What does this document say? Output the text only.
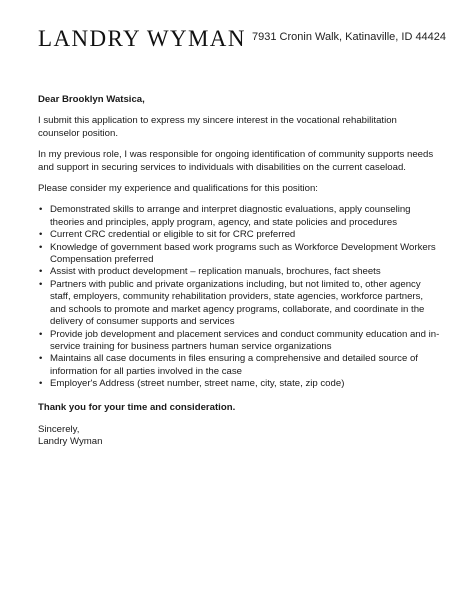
LANDRY WYMAN 7931 Cronin Walk, Katinaville, ID 44424

Dear Brooklyn Watsica,

I submit this application to express my sincere interest in the vocational rehabilitation counselor position.

In my previous role, I was responsible for ongoing identification of community supports needs and support in securing services to individuals with disabilities on the current caseload.

Please consider my experience and qualifications for this position:

• Demonstrated skills to arrange and interpret diagnostic evaluations, apply counseling theories and principles, apply program, agency, and state policies and procedures
• Current CRC credential or eligible to sit for CRC preferred
• Knowledge of government based work programs such as Workforce Development Workers Compensation preferred
• Assist with product development – replication manuals, brochures, fact sheets
• Partners with public and private organizations including, but not limited to, other agency staff, employers, community rehabilitation providers, state agencies, workforce partners, and schools to promote and market agency programs, collaborate, and coordinate in the delivery of consumer supports and services
• Provide job development and placement services and conduct community education and in-service training for business partners human service organizations
• Maintains all case documents in files ensuring a comprehensive and detailed source of information for all parties involved in the case
• Employer's Address (street number, street name, city, state, zip code)

Thank you for your time and consideration.

Sincerely,

Landry Wyman
